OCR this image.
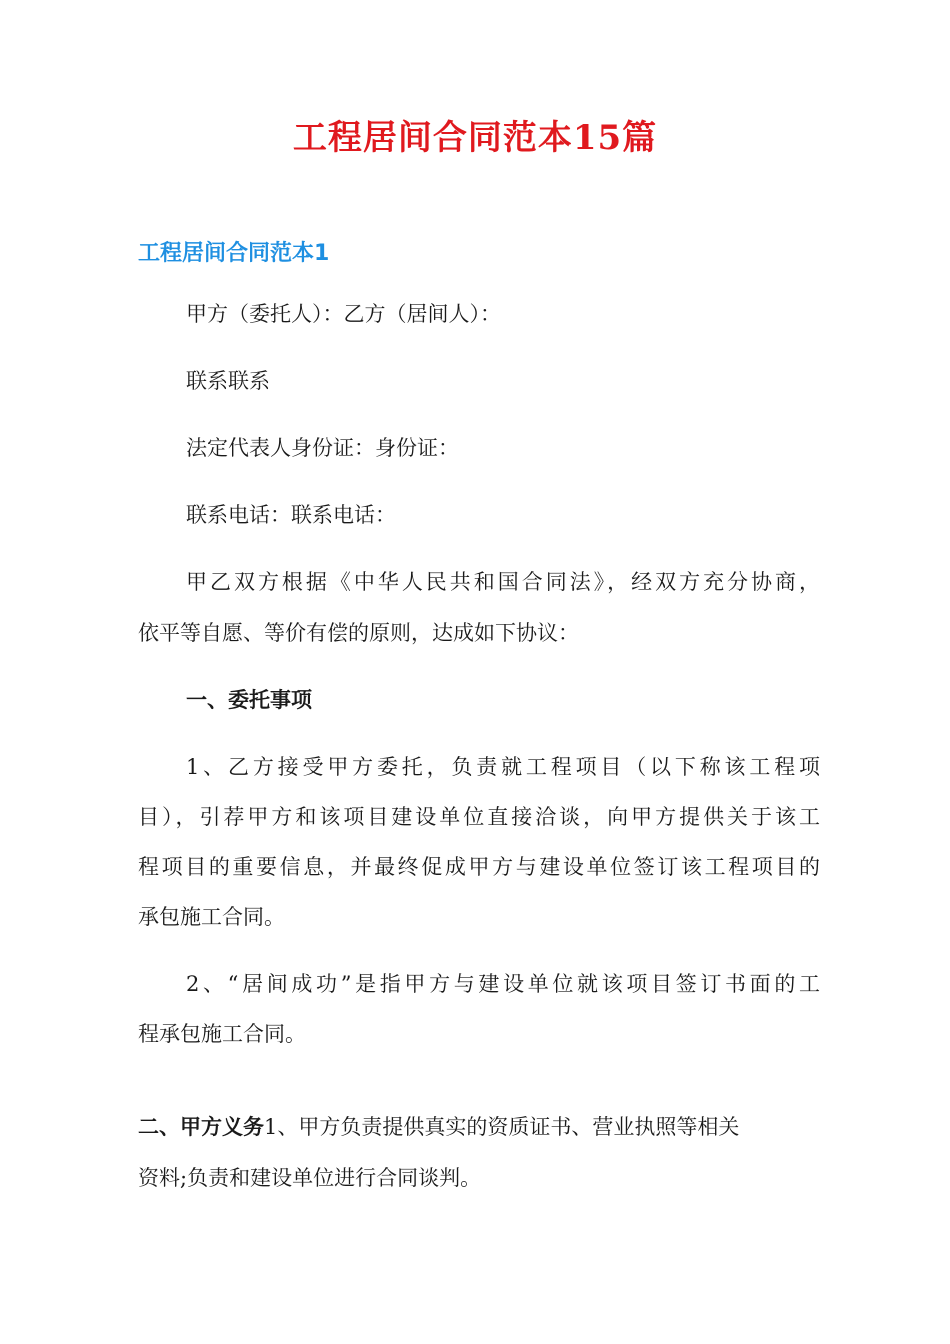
工程居间合同范本15篇
工程居间合同范本1

甲方（委托人）：乙方（居间人）：

联系联系

法定代表人身份证：身份证：

联系电话：联系电话：

甲乙双方根据《中华人民共和国合同法》，经双方充分协商，

依平等自愿、等价有偿的原则，达成如下协议：

一、委托事项

1、乙方接受甲方委托，负责就工程项目（以下称该工程项

目），引荐甲方和该项目建设单位直接洽谈，向甲方提供关于该工

程项目的重要信息，并最终促成甲方与建设单位签订该工程项目的

承包施工合同。

2、“居间成功”是指甲方与建设单位就该项目签订书面的工

程承包施工合同。

二、甲方义务1、甲方负责提供真实的资质证书、营业执照等相关

资料;负责和建设单位进行合同谈判。
